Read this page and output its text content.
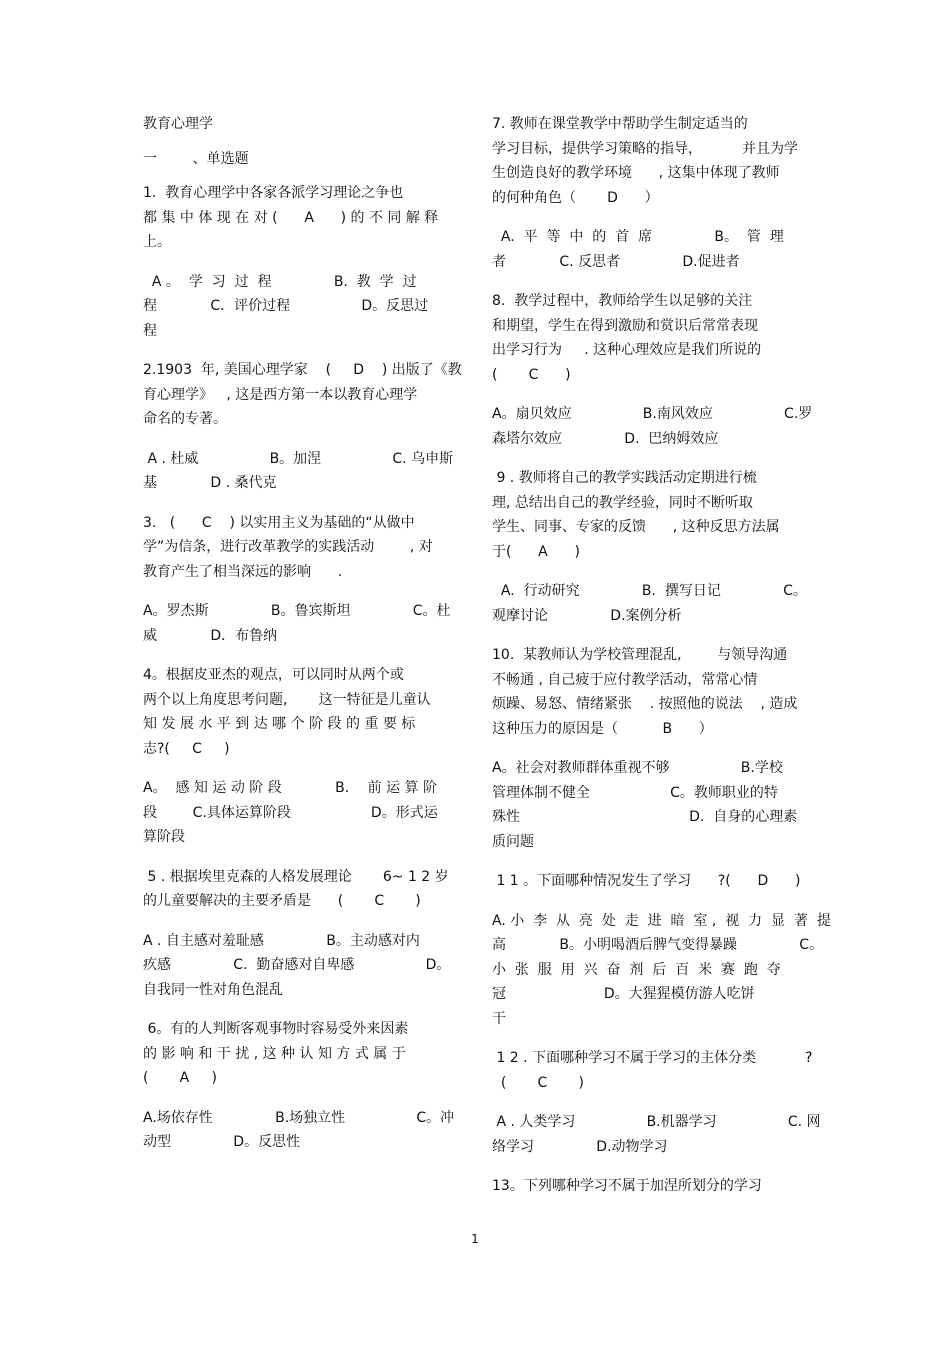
教育心理学
一        、单选题
1.  教育心理学中各家各派学习理论之争也
都 集 中 体 现 在 对 (      A      ) 的 不 同 解 释
上。
A 。  学  习  过  程              B.  教  学  过
程            C．评价过程                D。反思过
程
2.1903  年, 美国心理学家    (     D    ) 出版了《教
育心理学》   , 这是西方第一本以教育心理学
命名的专著。
A . 杜威                B。加涅                C. 乌申斯
基            D . 桑代克
3.   (      C    ) 以实用主义为基础的“从做中
学”为信条，进行改革教学的实践活动        , 对
教育产生了相当深远的影响      .
A。罗杰斯              B。鲁宾斯坦              C。杜
威            D．布鲁纳
4。根据皮亚杰的观点，可以同时从两个或
两个以上角度思考问题,       这一特征是儿童认
知 发 展 水 平 到 达 哪 个 阶 段 的 重 要 标
志?(     C     )
A。  感 知 运 动 阶 段            B．  前 运 算 阶
段        C.具体运算阶段                  D。形式运
算阶段
5 . 根据埃里克森的人格发展理论       6~ 1 2 岁
的儿童要解决的主要矛盾是      (       C       )
A . 自主感对羞耻感              B。主动感对内
疚感              C.  勤奋感对自卑感                D。
自我同一性对角色混乱
6。有的人判断客观事物时容易受外来因素
的 影 响 和 干 扰 , 这 种 认 知 方 式 属 于
(       A     )
A.场依存性              B.场独立性                C。冲
动型              D。反思性
7. 教师在课堂教学中帮助学生制定适当的
学习目标，提供学习策略的指导，         并且为学
生创造良好的教学环境      , 这集中体现了教师
的何种角色（       D      ）
A.  平  等  中  的  首  席              B。  管  理
者            C. 反思者              D.促进者
8.  教学过程中，教师给学生以足够的关注
和期望，学生在得到激励和赏识后常常表现
出学习行为     . 这种心理效应是我们所说的
(       C      )
A。扇贝效应                B.南风效应                C.罗
森塔尔效应              D.  巴纳姆效应
9 . 教师将自己的教学实践活动定期进行梳
理, 总结出自己的教学经验，同时不断听取
学生、同事、专家的反馈      , 这种反思方法属
于(      A      )
A.  行动研究              B.  撰写日记              C。
观摩讨论              D.案例分析
10.  某教师认为学校管理混乱,        与领导沟通
不畅通 , 自己疲于应付教学活动，常常心情
烦躁、易怒、情绪紧张    . 按照他的说法    , 造成
这种压力的原因是（          B      ）
A。社会对教师群体重视不够                B.学校
管理体制不健全                  C。教师职业的特
殊性                                      D.  自身的心理素
质问题
1 1 。下面哪种情况发生了学习      ?(      D      )
A. 小  李  从  亮  处  走  进  暗  室 ,  视  力  显  著  提
高            B。小明喝酒后脾气变得暴躁              C。
小  张  服  用  兴  奋  剂  后  百  米  赛  跑  夺
冠                      D。大猩猩模仿游人吃饼
干
1 2 . 下面哪种学习不属于学习的主体分类           ?
(       C       )
A . 人类学习                B.机器学习                C. 网
络学习              D.动物学习
13。下列哪种学习不属于加涅所划分的学习
1
